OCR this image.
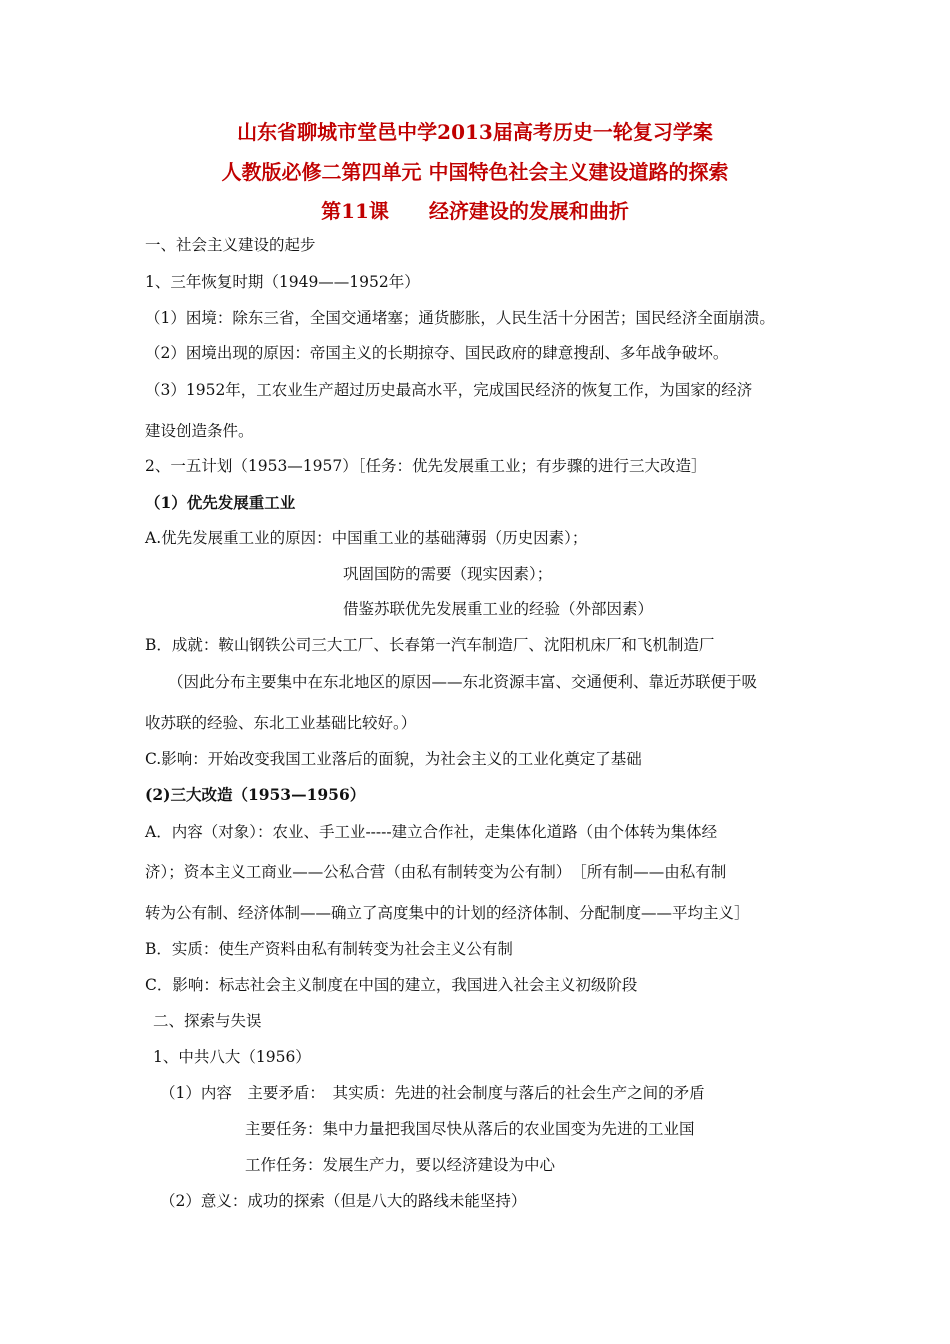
山东省聊城市堂邑中学2013届高考历史一轮复习学案
人教版必修二第四单元 中国特色社会主义建设道路的探索
第11课　　经济建设的发展和曲折
一、社会主义建设的起步
1、三年恢复时期（1949——1952年）
（1）困境：除东三省，全国交通堵塞；通货膨胀，人民生活十分困苦；国民经济全面崩溃。
（2）困境出现的原因：帝国主义的长期掠夺、国民政府的肆意搜刮、多年战争破坏。
（3）1952年，工农业生产超过历史最高水平，完成国民经济的恢复工作，为国家的经济
建设创造条件。
2、一五计划（1953—1957）［任务：优先发展重工业；有步骤的进行三大改造］
（1）优先发展重工业
A.优先发展重工业的原因：中国重工业的基础薄弱（历史因素）；
巩固国防的需要（现实因素）；
借鉴苏联优先发展重工业的经验（外部因素）
B．成就：鞍山钢铁公司三大工厂、长春第一汽车制造厂、沈阳机床厂和飞机制造厂
（因此分布主要集中在东北地区的原因——东北资源丰富、交通便利、靠近苏联便于吸
收苏联的经验、东北工业基础比较好。）
C.影响：开始改变我国工业落后的面貌，为社会主义的工业化奠定了基础
(2)三大改造（1953—1956）
A．内容（对象）：农业、手工业-----建立合作社，走集体化道路（由个体转为集体经
济）；资本主义工商业——公私合营（由私有制转变为公有制）　［所有制——由私有制
转为公有制、经济体制——确立了高度集中的计划的经济体制、分配制度——平均主义］
B．实质：使生产资料由私有制转变为社会主义公有制
C．影响：标志社会主义制度在中国的建立，我国进入社会主义初级阶段
二、探索与失误
1、中共八大（1956）
（1）内容　主要矛盾：　其实质：先进的社会制度与落后的社会生产之间的矛盾
主要任务：集中力量把我国尽快从落后的农业国变为先进的工业国
工作任务：发展生产力，要以经济建设为中心
（2）意义：成功的探索（但是八大的路线未能坚持）
